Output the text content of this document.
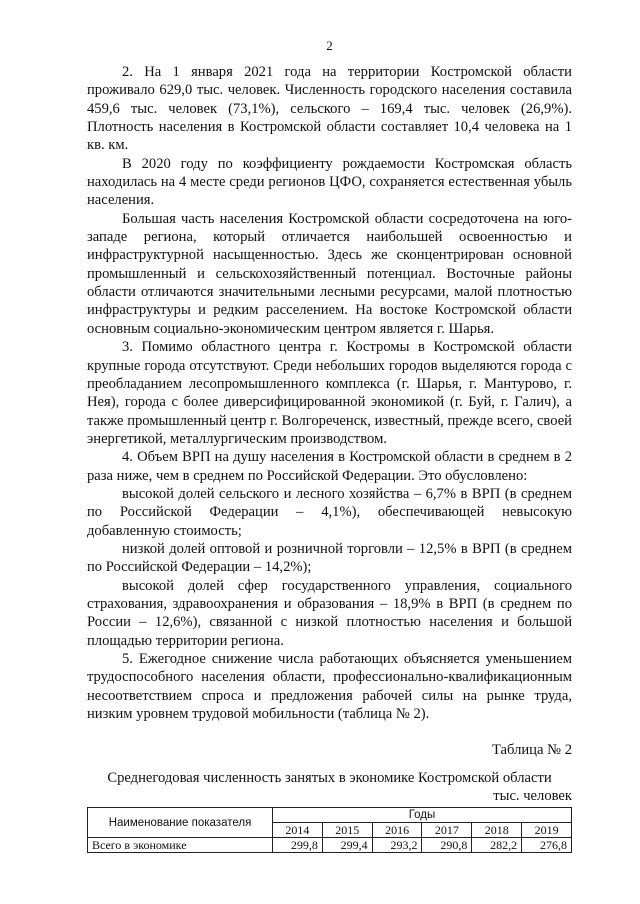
2

2. На 1 января 2021 года на территории Костромской области проживало 629,0 тыс. человек. Численность городского населения составила 459,6 тыс. человек (73,1%), сельского – 169,4 тыс. человек (26,9%). Плотность населения в Костромской области составляет 10,4 человека на 1 кв. км.

В 2020 году по коэффициенту рождаемости Костромская область находилась на 4 месте среди регионов ЦФО, сохраняется естественная убыль населения.

Большая часть населения Костромской области сосредоточена на юго-западе региона, который отличается наибольшей освоенностью и инфраструктурной насыщенностью. Здесь же сконцентрирован основной промышленный и сельскохозяйственный потенциал. Восточные районы области отличаются значительными лесными ресурсами, малой плотностью инфраструктуры и редким расселением. На востоке Костромской области основным социально-экономическим центром является г. Шарья.

3. Помимо областного центра г. Костромы в Костромской области крупные города отсутствуют. Среди небольших городов выделяются города с преобладанием лесопромышленного комплекса (г. Шарья, г. Мантурово, г. Нея), города с более диверсифицированной экономикой (г. Буй, г. Галич), а также промышленный центр г. Волгореченск, известный, прежде всего, своей энергетикой, металлургическим производством.

4. Объем ВРП на душу населения в Костромской области в среднем в 2 раза ниже, чем в среднем по Российской Федерации. Это обусловлено:

высокой долей сельского и лесного хозяйства – 6,7% в ВРП (в среднем по Российской Федерации – 4,1%), обеспечивающей невысокую добавленную стоимость;

низкой долей оптовой и розничной торговли – 12,5% в ВРП (в среднем по Российской Федерации – 14,2%);

высокой долей сфер государственного управления, социального страхования, здравоохранения и образования – 18,9% в ВРП (в среднем по России – 12,6%), связанной с низкой плотностью населения и большой площадью территории региона.

5. Ежегодное снижение числа работающих объясняется уменьшением трудоспособного населения области, профессионально-квалификационным несоответствием спроса и предложения рабочей силы на рынке труда, низким уровнем трудовой мобильности (таблица № 2).

Таблица № 2

Среднегодовая численность занятых в экономике Костромской области

тыс. человек

Наименование показателя	Годы					
	2014	2015	2016	2017	2018	2019
Всего в экономике	299,8	299,4	293,2	290,8	282,2	276,8
